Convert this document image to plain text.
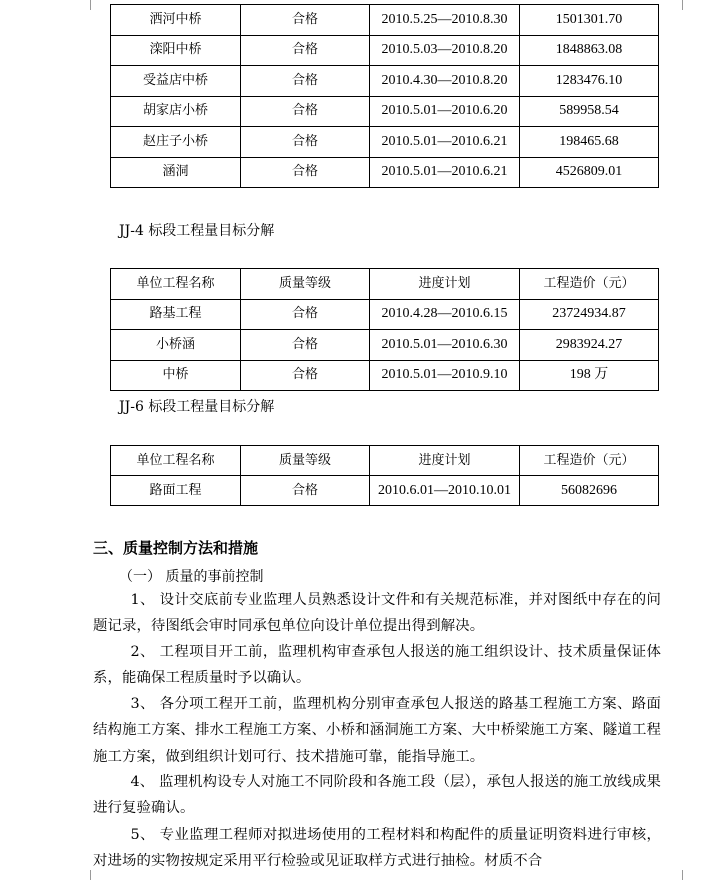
洒河中桥	合格	2010.5.25—2010.8.30	1501301.70
滦阳中桥	合格	2010.5.03—2010.8.20	1848863.08
受益店中桥	合格	2010.4.30—2010.8.20	1283476.10
胡家店小桥	合格	2010.5.01—2010.6.20	589958.54
赵庄子小桥	合格	2010.5.01—2010.6.21	198465.68
涵洞	合格	2010.5.01—2010.6.21	4526809.01
JJ-4 标段工程量目标分解
单位工程名称	质量等级	进度计划	工程造价（元）
路基工程	合格	2010.4.28—2010.6.15	23724934.87
小桥涵	合格	2010.5.01—2010.6.30	2983924.27
中桥	合格	2010.5.01—2010.9.10	198 万
JJ-6 标段工程量目标分解
单位工程名称	质量等级	进度计划	工程造价（元）
路面工程	合格	2010.6.01—2010.10.01	56082696
三、质量控制方法和措施
（一） 质量的事前控制
1、 设计交底前专业监理人员熟悉设计文件和有关规范标准，并对图纸中存在的问题记录，待图纸会审时同承包单位向设计单位提出得到解决。
2、 工程项目开工前，监理机构审查承包人报送的施工组织设计、技术质量保证体系，能确保工程质量时予以确认。
3、 各分项工程开工前，监理机构分别审查承包人报送的路基工程施工方案、路面结构施工方案、排水工程施工方案、小桥和涵洞施工方案、大中桥梁施工方案、隧道工程施工方案，做到组织计划可行、技术措施可靠，能指导施工。
4、 监理机构设专人对施工不同阶段和各施工段（层），承包人报送的施工放线成果进行复验确认。
5、 专业监理工程师对拟进场使用的工程材料和构配件的质量证明资料进行审核，对进场的实物按规定采用平行检验或见证取样方式进行抽检。材质不合
